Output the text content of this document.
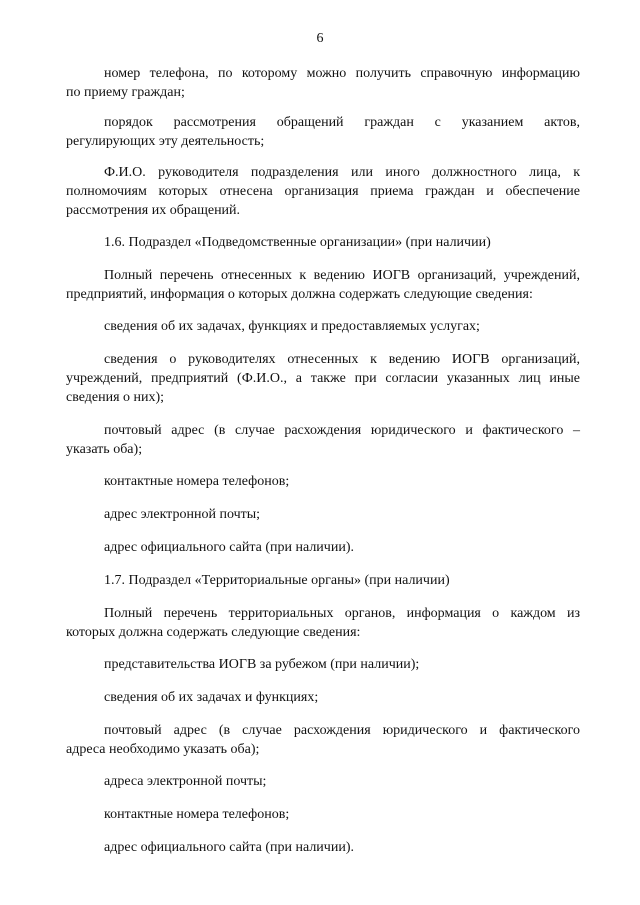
6
номер телефона, по которому можно получить справочную информацию
по приему граждан;
порядок рассмотрения обращений граждан с указанием актов,
регулирующих эту деятельность;
Ф.И.О. руководителя подразделения или иного должностного лица, к
полномочиям которых отнесена организация приема граждан и обеспечение
рассмотрения их обращений.
1.6. Подраздел «Подведомственные организации» (при наличии)
Полный перечень отнесенных к ведению ИОГВ организаций, учреждений,
предприятий, информация о которых должна содержать следующие сведения:
сведения об их задачах, функциях и предоставляемых услугах;
сведения о руководителях отнесенных к ведению ИОГВ организаций,
учреждений, предприятий (Ф.И.О., а также при согласии указанных лиц иные
сведения о них);
почтовый адрес (в случае расхождения юридического и фактического –
указать оба);
контактные номера телефонов;
адрес электронной почты;
адрес официального сайта (при наличии).
1.7. Подраздел «Территориальные органы» (при наличии)
Полный перечень территориальных органов, информация о каждом из
которых должна содержать следующие сведения:
представительства ИОГВ за рубежом (при наличии);
сведения об их задачах и функциях;
почтовый адрес (в случае расхождения юридического и фактического
адреса необходимо указать оба);
адреса электронной почты;
контактные номера телефонов;
адрес официального сайта (при наличии).
